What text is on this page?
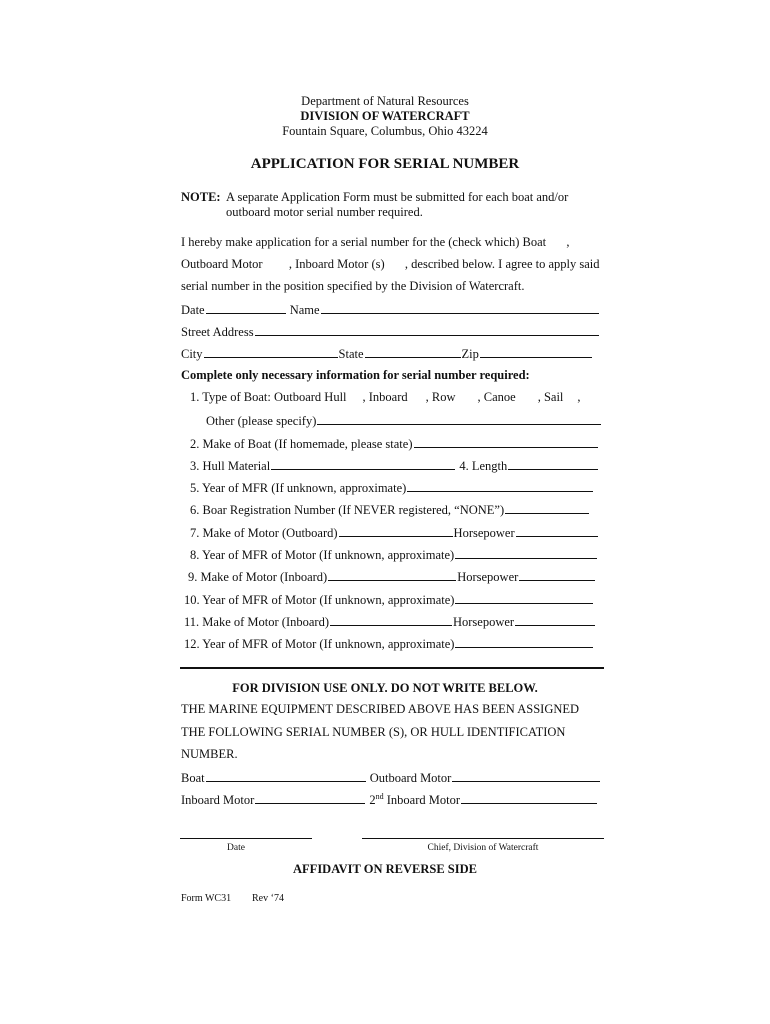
Department of Natural Resources
DIVISION OF WATERCRAFT
Fountain Square, Columbus, Ohio 43224
APPLICATION FOR SERIAL NUMBER
NOTE: A separate Application Form must be submitted for each boat and/or
outboard motor serial number required.
I hereby make application for a serial number for the (check which) Boat ,
Outboard Motor , Inboard Motor (s) , described below. I agree to apply said
serial number in the position specified by the Division of Watercraft.
Date	Name
Street Address
City	State	Zip
Complete only necessary information for serial number required:
1. Type of Boat: Outboard Hull , Inboard , Row , Canoe , Sail ,
Other (please specify)
2. Make of Boat (If homemade, please state)
3. Hull Material	4. Length
5. Year of MFR (If unknown, approximate)
6. Boar Registration Number (If NEVER registered, “NONE”)
7. Make of Motor (Outboard)	Horsepower
8. Year of MFR of Motor (If unknown, approximate)
9. Make of Motor (Inboard)	Horsepower
10. Year of MFR of Motor (If unknown, approximate)
11. Make of Motor (Inboard)	Horsepower
12. Year of MFR of Motor (If unknown, approximate)
FOR DIVISION USE ONLY. DO NOT WRITE BELOW.
THE MARINE EQUIPMENT DESCRIBED ABOVE HAS BEEN ASSIGNED
THE FOLLOWING SERIAL NUMBER (S), OR HULL IDENTIFICATION
NUMBER.
Boat	Outboard Motor
Inboard Motor	2nd Inboard Motor
Date	Chief, Division of Watercraft
AFFIDAVIT ON REVERSE SIDE
Form WC31 Rev ‘74
